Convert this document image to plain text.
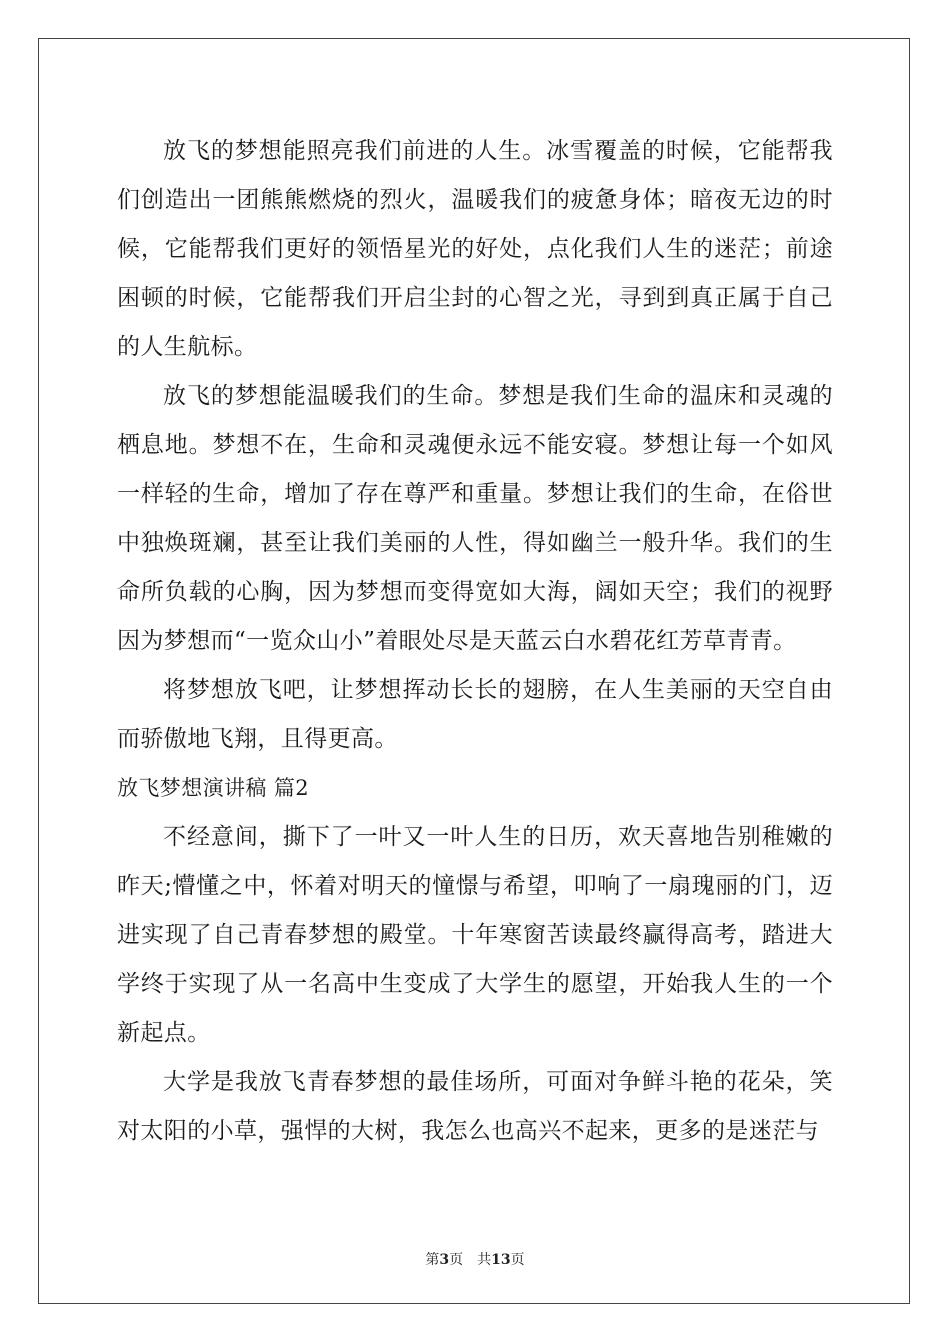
放飞的梦想能照亮我们前进的人生。冰雪覆盖的时候，它能帮我们创造出一团熊熊燃烧的烈火，温暖我们的疲惫身体；暗夜无边的时候，它能帮我们更好的领悟星光的好处，点化我们人生的迷茫；前途困顿的时候，它能帮我们开启尘封的心智之光，寻到到真正属于自己的人生航标。

放飞的梦想能温暖我们的生命。梦想是我们生命的温床和灵魂的栖息地。梦想不在，生命和灵魂便永远不能安寝。梦想让每一个如风一样轻的生命，增加了存在尊严和重量。梦想让我们的生命，在俗世中独焕斑斓，甚至让我们美丽的人性，得如幽兰一般升华。我们的生命所负载的心胸，因为梦想而变得宽如大海，阔如天空；我们的视野因为梦想而“一览众山小”着眼处尽是天蓝云白水碧花红芳草青青。

将梦想放飞吧，让梦想挥动长长的翅膀，在人生美丽的天空自由而骄傲地飞翔，且得更高。

放飞梦想演讲稿 篇2

不经意间，撕下了一叶又一叶人生的日历，欢天喜地告别稚嫩的昨天;懵懂之中，怀着对明天的憧憬与希望，叩响了一扇瑰丽的门，迈进实现了自己青春梦想的殿堂。十年寒窗苦读最终赢得高考，踏进大学终于实现了从一名高中生变成了大学生的愿望，开始我人生的一个新起点。

大学是我放飞青春梦想的最佳场所，可面对争鲜斗艳的花朵，笑对太阳的小草，强悍的大树，我怎么也高兴不起来，更多的是迷茫与

第3页 共13页
